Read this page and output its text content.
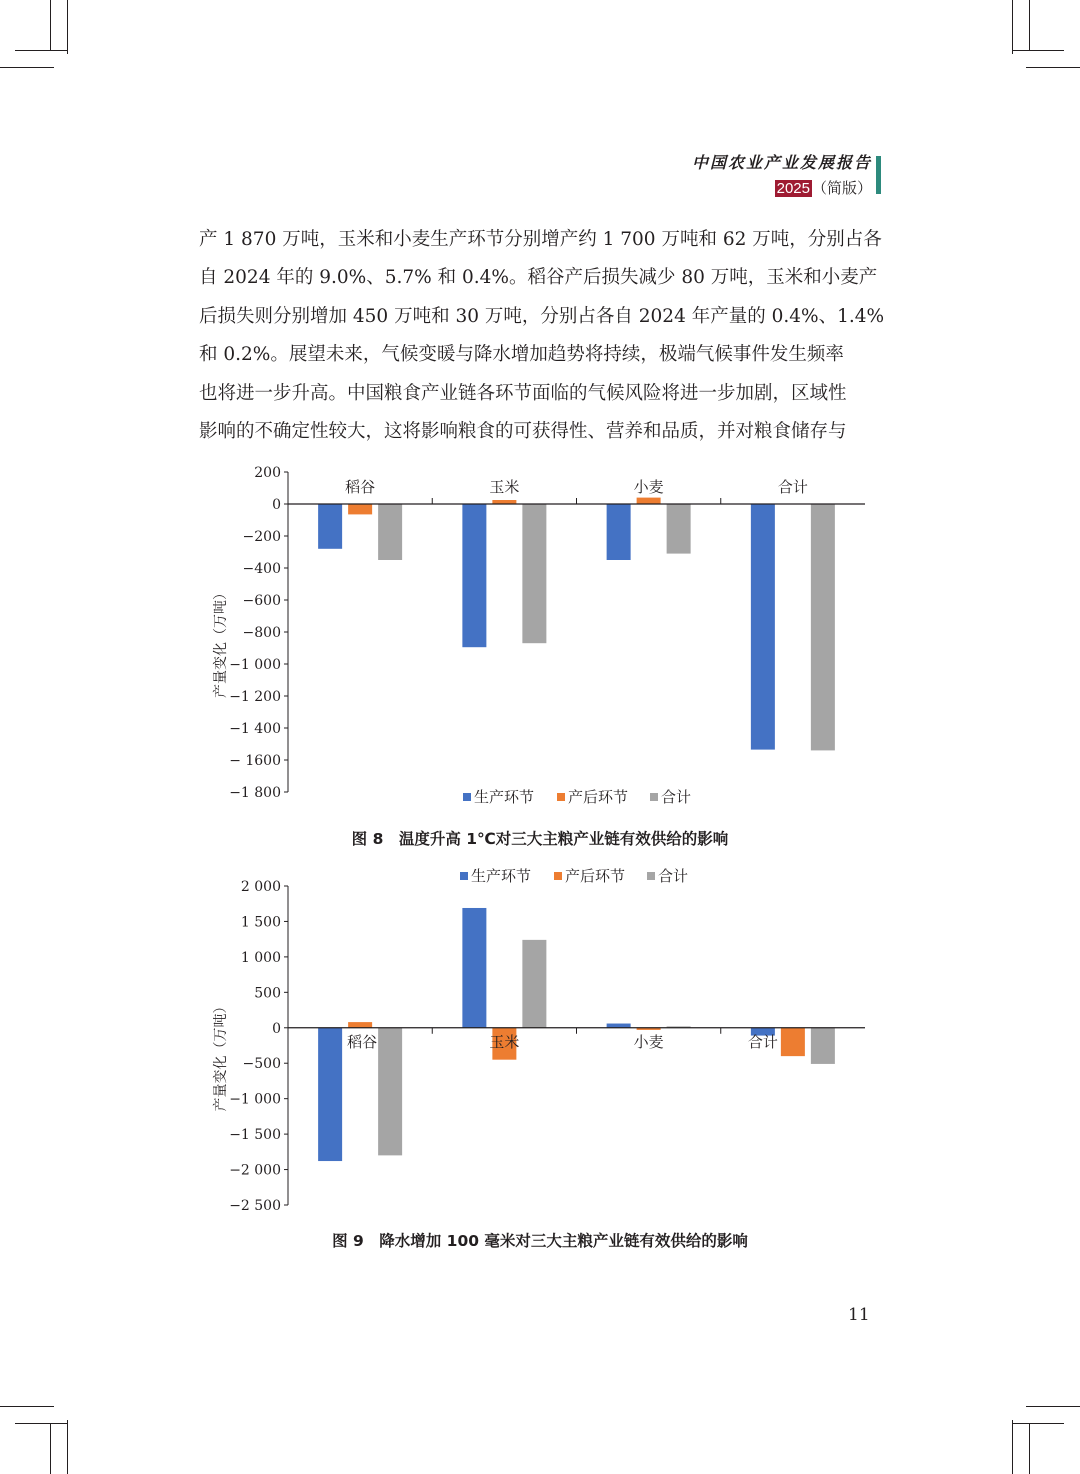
中国农业产业发展报告
2025 （简版）
产 1 870 万吨，玉米和小麦生产环节分别增产约 1 700 万吨和 62 万吨，分别占各
自 2024 年的 9.0%、5.7% 和 0.4%。稻谷产后损失减少 80 万吨，玉米和小麦产
后损失则分别增加 450 万吨和 30 万吨，分别占各自 2024 年产量的 0.4%、1.4%
和 0.2%。展望未来，气候变暖与降水增加趋势将持续，极端气候事件发生频率
也将进一步升高。中国粮食产业链各环节面临的气候风险将进一步加剧，区域性
影响的不确定性较大，这将影响粮食的可获得性、营养和品质，并对粮食储存与
200
0
−200
−400
−600
−800
−1 000
−1 200
−1 400
− 1600
−1 800
产量变化（万吨）
稻谷	玉米	小麦	合计
生产环节 产后环节 合计
图 8　温度升高 1℃对三大主粮产业链有效供给的影响
2 000
1 500
1 000
500
0
−500
−1 000
−1 500
−2 000
−2 500
产量变化（万吨）	稻谷	玉米	小麦	合计
生产环节 产后环节 合计
图 9　降水增加 100 毫米对三大主粮产业链有效供给的影响
11
